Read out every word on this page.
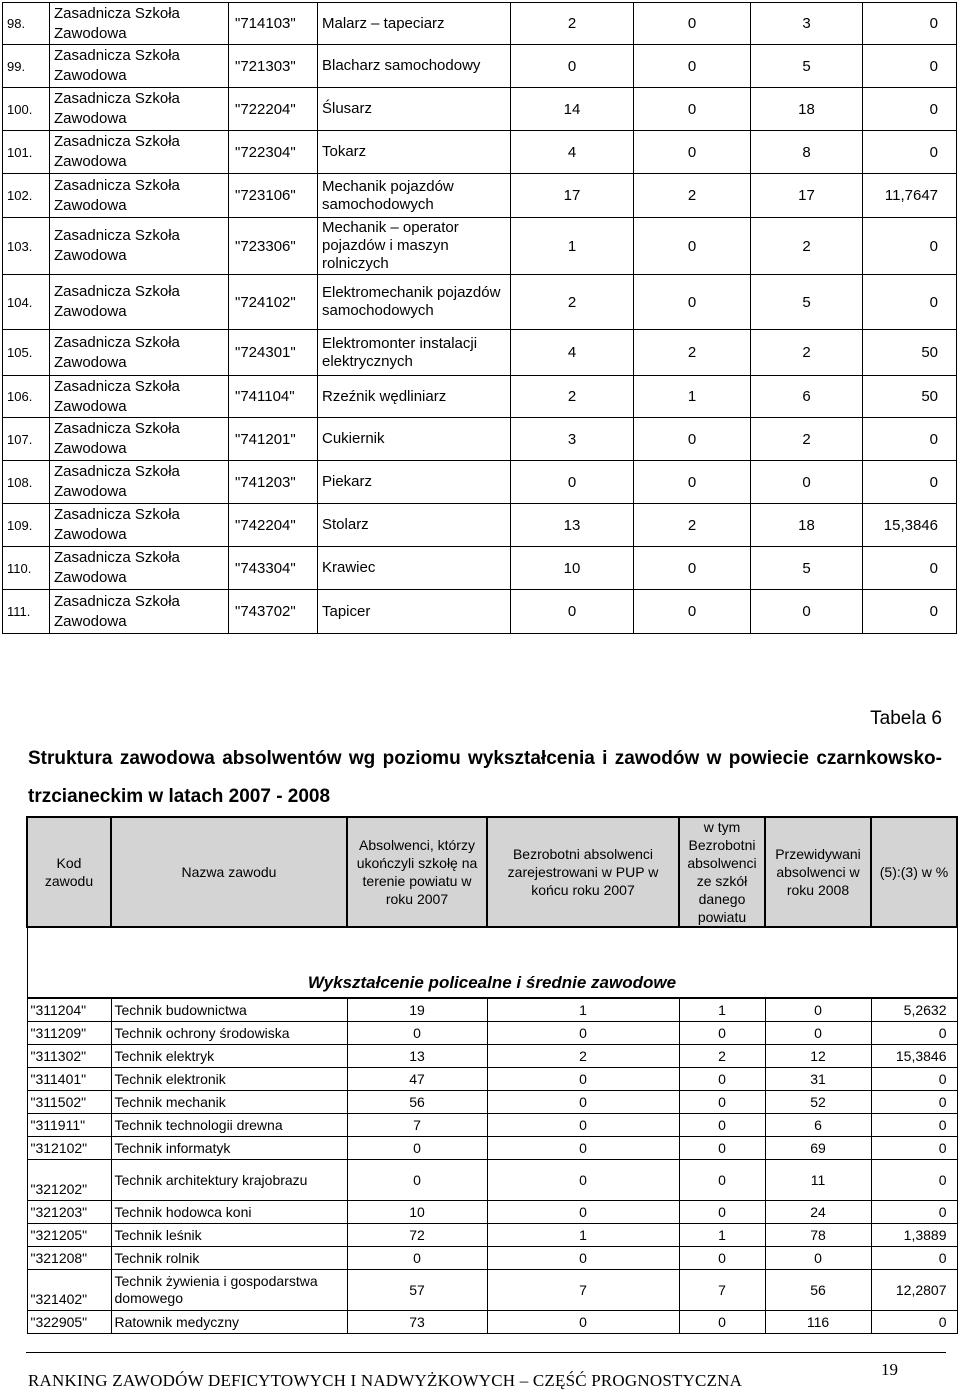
98.	Zasadnicza Szkoła Zawodowa	"714103"	Malarz – tapeciarz	2	0	3	0
99.	Zasadnicza Szkoła Zawodowa	"721303"	Blacharz samochodowy	0	0	5	0
100.	Zasadnicza Szkoła Zawodowa	"722204"	Ślusarz	14	0	18	0
101.	Zasadnicza Szkoła Zawodowa	"722304"	Tokarz	4	0	8	0
102.	Zasadnicza Szkoła Zawodowa	"723106"	Mechanik pojazdów samochodowych	17	2	17	11,7647
103.	Zasadnicza Szkoła Zawodowa	"723306"	Mechanik – operator pojazdów i maszyn rolniczych	1	0	2	0
104.	Zasadnicza Szkoła Zawodowa	"724102"	Elektromechanik pojazdów samochodowych	2	0	5	0
105.	Zasadnicza Szkoła Zawodowa	"724301"	Elektromonter instalacji elektrycznych	4	2	2	50
106.	Zasadnicza Szkoła Zawodowa	"741104"	Rzeźnik wędliniarz	2	1	6	50
107.	Zasadnicza Szkoła Zawodowa	"741201"	Cukiernik	3	0	2	0
108.	Zasadnicza Szkoła Zawodowa	"741203"	Piekarz	0	0	0	0
109.	Zasadnicza Szkoła Zawodowa	"742204"	Stolarz	13	2	18	15,3846
110.	Zasadnicza Szkoła Zawodowa	"743304"	Krawiec	10	0	5	0
111.	Zasadnicza Szkoła Zawodowa	"743702"	Tapicer	0	0	0	0
Tabela 6
Struktura zawodowa absolwentów wg poziomu wykształcenia i zawodów w powiecie czarnkowsko-trzcianeckim w latach 2007 - 2008
Kod zawodu	Nazwa zawodu	Absolwenci, którzy ukończyli szkołę na terenie powiatu w roku 2007	Bezrobotni absolwenci zarejestrowani w PUP w końcu roku 2007	w tym Bezrobotni absolwenci ze szkół danego powiatu	Przewidywani absolwenci w roku 2008	(5):(3) w %
Wykształcenie policealne i średnie zawodowe						
"311204"	Technik budownictwa	19	1	1	0	5,2632
"311209"	Technik ochrony środowiska	0	0	0	0	0
"311302"	Technik elektryk	13	2	2	12	15,3846
"311401"	Technik elektronik	47	0	0	31	0
"311502"	Technik mechanik	56	0	0	52	0
"311911"	Technik technologii drewna	7	0	0	6	0
"312102"	Technik informatyk	0	0	0	69	0
"321202"	Technik architektury krajobrazu	0	0	0	11	0
"321203"	Technik hodowca koni	10	0	0	24	0
"321205"	Technik leśnik	72	1	1	78	1,3889
"321208"	Technik rolnik	0	0	0	0	0
"321402"	Technik żywienia i gospodarstwa domowego	57	7	7	56	12,2807
"322905"	Ratownik medyczny	73	0	0	116	0
19
RANKING ZAWODÓW DEFICYTOWYCH I NADWYŻKOWYCH – CZĘŚĆ PROGNOSTYCZNA
